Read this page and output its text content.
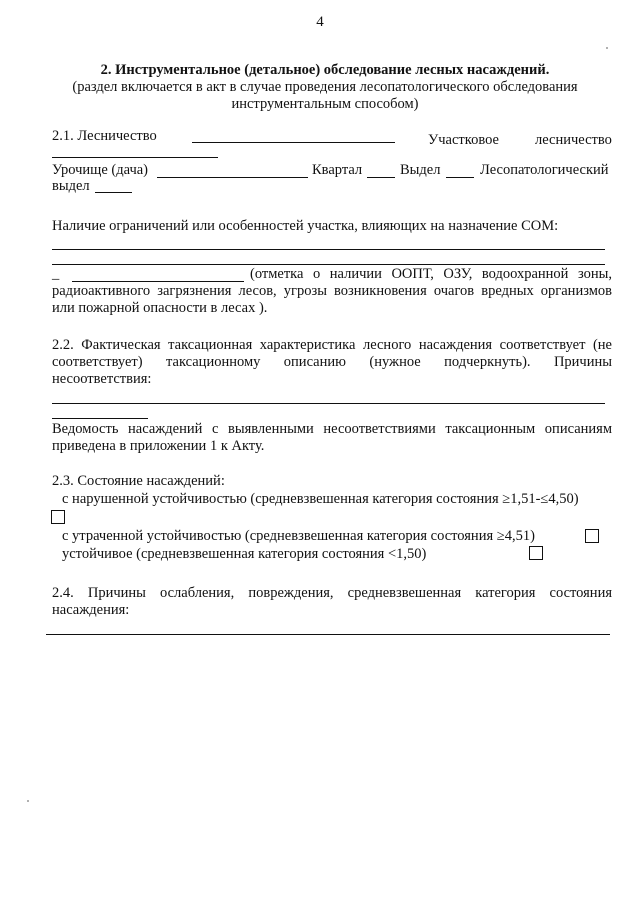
4
2. Инструментальное (детальное) обследование лесных насаждений.
(раздел включается в акт в случае проведения лесопатологического обследования
инструментальным способом)
2.1. Лесничество	Участковое лесничество
Урочище (дача)	Квартал	Выдел	Лесопатологический
выдел
Наличие ограничений или особенностей участка, влияющих на назначение СОМ:
_	(отметка о наличии ООПТ, ОЗУ, водоохранной зоны,
радиоактивного загрязнения лесов, угрозы возникновения очагов вредных организмов
или пожарной опасности в лесах ).
2.2. Фактическая таксационная характеристика лесного насаждения соответствует (не
соответствует) таксационному описанию (нужное подчеркнуть). Причины
несоответствия:
Ведомость насаждений с выявленными несоответствиями таксационным описаниям
приведена в приложении 1 к Акту.
2.3. Состояние насаждений:
с нарушенной устойчивостью (средневзвешенная категория состояния ≥1,51-≤4,50)
с утраченной устойчивостью (средневзвешенная категория состояния ≥4,51)
устойчивое (средневзвешенная категория состояния <1,50)
2.4. Причины ослабления, повреждения, средневзвешенная категория состояния
насаждения:
